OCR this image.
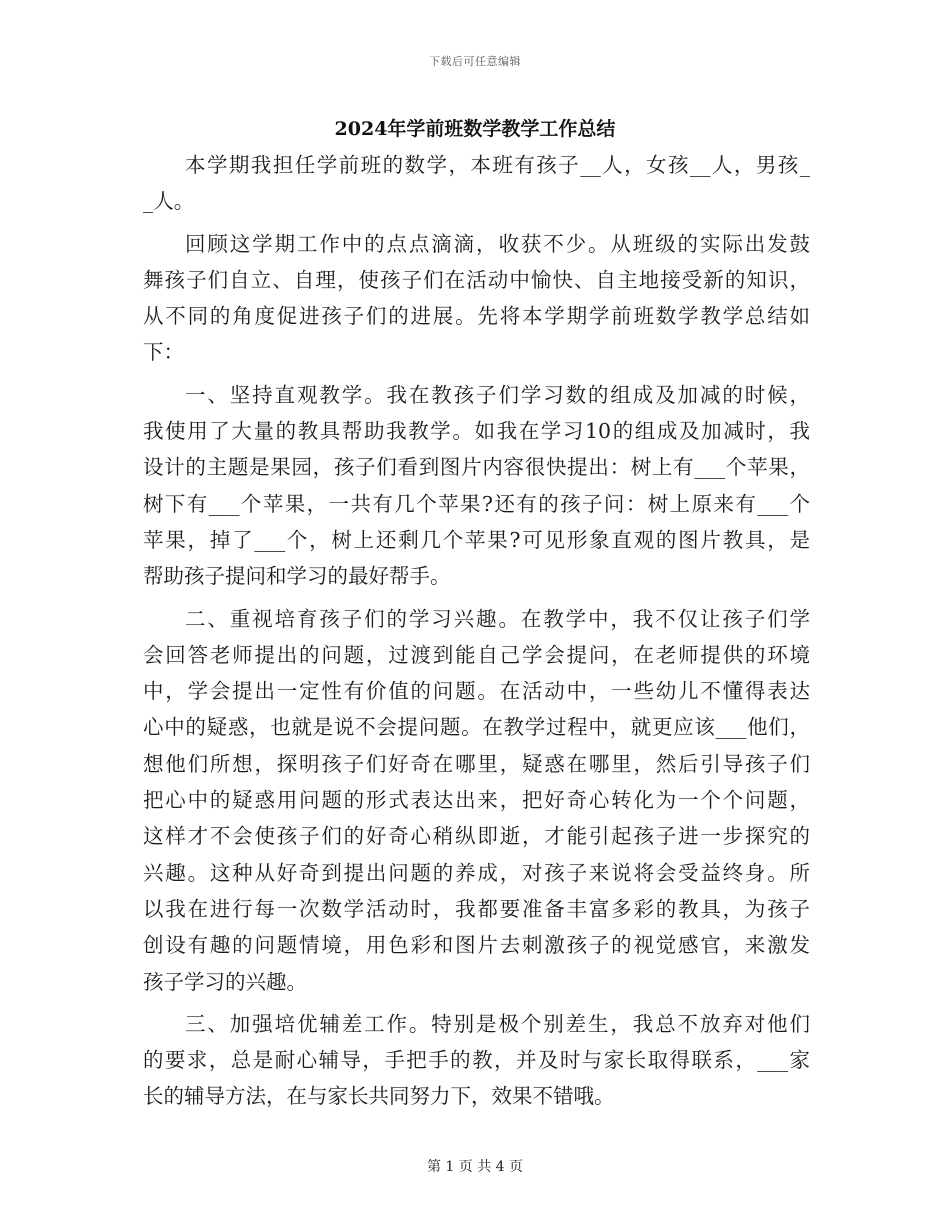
下载后可任意编辑
2024年学前班数学教学工作总结
本学期我担任学前班的数学，本班有孩子__人，女孩__人，男孩_
_人。
回顾这学期工作中的点点滴滴，收获不少。从班级的实际出发鼓
舞孩子们自立、自理，使孩子们在活动中愉快、自主地接受新的知识，
从不同的角度促进孩子们的进展。先将本学期学前班数学教学总结如
下：
一、坚持直观教学。我在教孩子们学习数的组成及加减的时候，
我使用了大量的教具帮助我教学。如我在学习10的组成及加减时，我
设计的主题是果园，孩子们看到图片内容很快提出：树上有___个苹果，
树下有___个苹果，一共有几个苹果?还有的孩子问：树上原来有___个
苹果，掉了___个，树上还剩几个苹果?可见形象直观的图片教具，是
帮助孩子提问和学习的最好帮手。
二、重视培育孩子们的学习兴趣。在教学中，我不仅让孩子们学
会回答老师提出的问题，过渡到能自己学会提问，在老师提供的环境
中，学会提出一定性有价值的问题。在活动中，一些幼儿不懂得表达
心中的疑惑，也就是说不会提问题。在教学过程中，就更应该___他们，
想他们所想，探明孩子们好奇在哪里，疑惑在哪里，然后引导孩子们
把心中的疑惑用问题的形式表达出来，把好奇心转化为一个个问题，
这样才不会使孩子们的好奇心稍纵即逝，才能引起孩子进一步探究的
兴趣。这种从好奇到提出问题的养成，对孩子来说将会受益终身。所
以我在进行每一次数学活动时，我都要准备丰富多彩的教具，为孩子
创设有趣的问题情境，用色彩和图片去刺激孩子的视觉感官，来激发
孩子学习的兴趣。
三、加强培优辅差工作。特别是极个别差生，我总不放弃对他们
的要求，总是耐心辅导，手把手的教，并及时与家长取得联系，___家
长的辅导方法，在与家长共同努力下，效果不错哦。
第 1 页 共 4 页
